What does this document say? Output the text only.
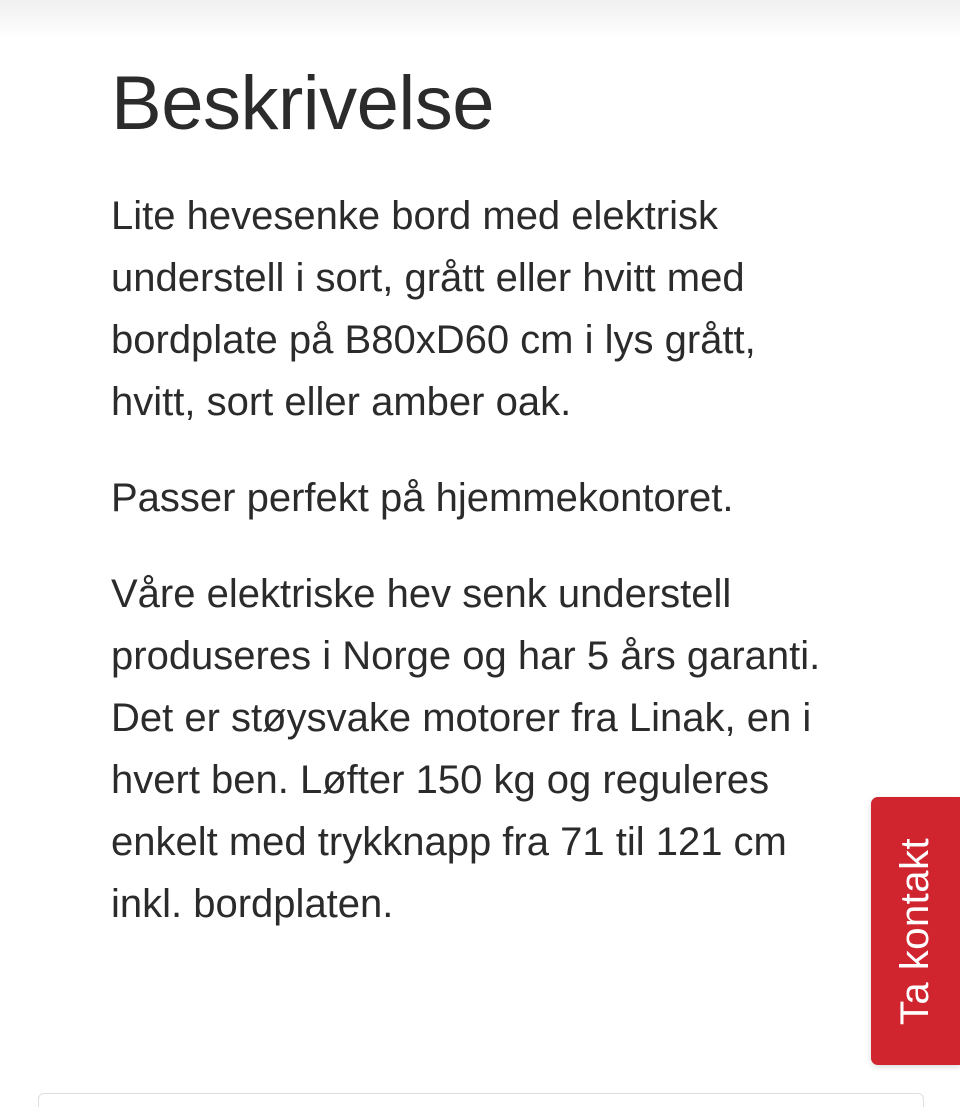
Beskrivelse

Lite hevesenke bord med elektrisk understell i sort, grått eller hvitt med bordplate på B80xD60 cm i lys grått, hvitt, sort eller amber oak.

Passer perfekt på hjemmekontoret.

Våre elektriske hev senk understell produseres i Norge og har 5 års garanti. Det er støysvake motorer fra Linak, en i hvert ben. Løfter 150 kg og reguleres enkelt med trykknapp fra 71 til 121 cm inkl. bordplaten.	Ta kontakt
